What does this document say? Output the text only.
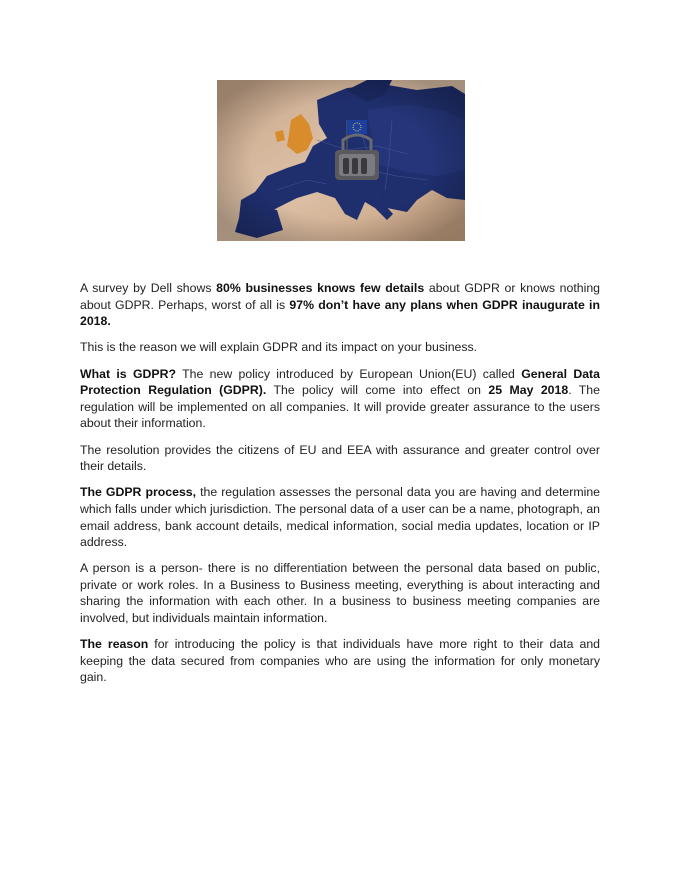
A survey by Dell shows 80% businesses knows few details about GDPR or knows nothing about GDPR. Perhaps, worst of all is 97% don’t have any plans when GDPR inaugurate in 2018.

This is the reason we will explain GDPR and its impact on your business.

What is GDPR? The new policy introduced by European Union(EU) called General Data Protection Regulation (GDPR). The policy will come into effect on 25 May 2018. The regulation will be implemented on all companies. It will provide greater assurance to the users about their information.

The resolution provides the citizens of EU and EEA with assurance and greater control over their details.

The GDPR process, the regulation assesses the personal data you are having and determine which falls under which jurisdiction. The personal data of a user can be a name, photograph, an email address, bank account details, medical information, social media updates, location or IP address.

A person is a person- there is no differentiation between the personal data based on public, private or work roles. In a Business to Business meeting, everything is about interacting and sharing the information with each other. In a business to business meeting companies are involved, but individuals maintain information.

The reason for introducing the policy is that individuals have more right to their data and keeping the data secured from companies who are using the information for only monetary gain.
